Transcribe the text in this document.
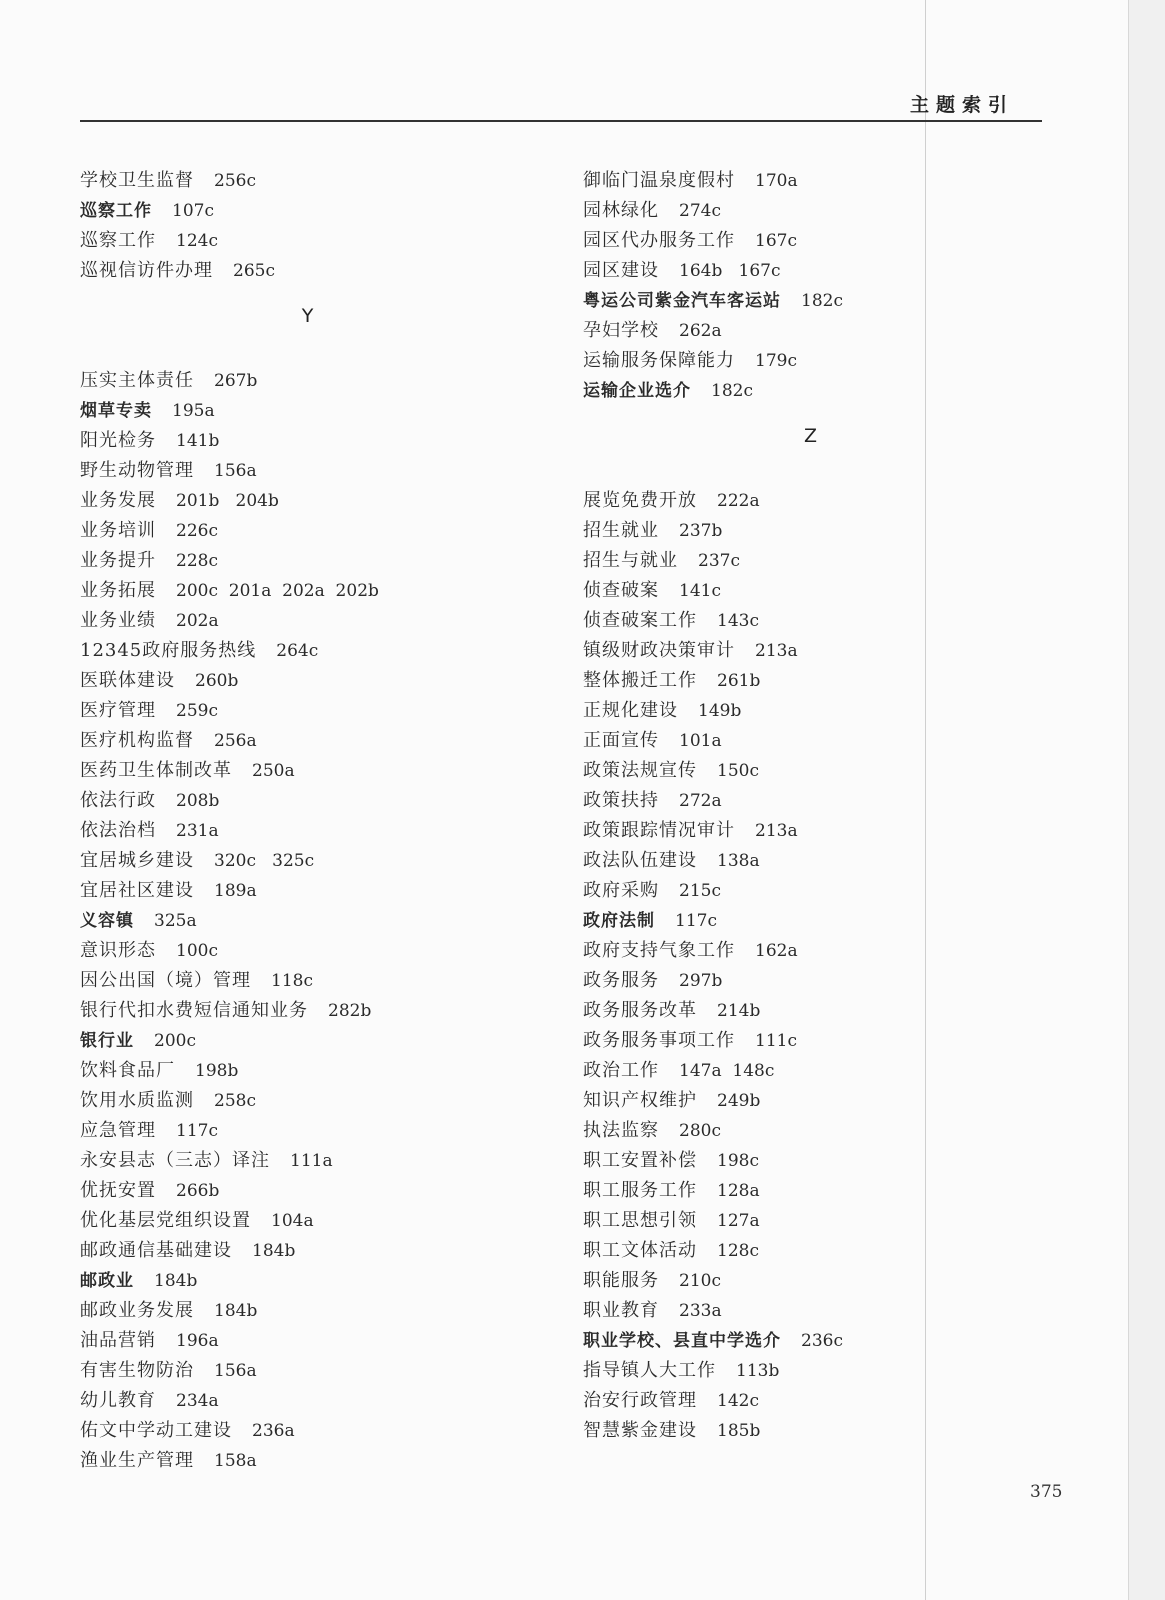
主题索引
学校卫生监督 256c
巡察工作 107c
巡察工作 124c
巡视信访件办理 265c
Y
压实主体责任 267b
烟草专卖 195a
阳光检务 141b
野生动物管理 156a
业务发展 201b   204b
业务培训 226c
业务提升 228c
业务拓展 200c  201a  202a  202b
业务业绩 202a
12345政府服务热线 264c
医联体建设 260b
医疗管理 259c
医疗机构监督 256a
医药卫生体制改革 250a
依法行政 208b
依法治档 231a
宜居城乡建设 320c   325c
宜居社区建设 189a
义容镇 325a
意识形态 100c
因公出国（境）管理 118c
银行代扣水费短信通知业务 282b
银行业 200c
饮料食品厂 198b
饮用水质监测 258c
应急管理 117c
永安县志（三志）译注 111a
优抚安置 266b
优化基层党组织设置 104a
邮政通信基础建设 184b
邮政业 184b
邮政业务发展 184b
油品营销 196a
有害生物防治 156a
幼儿教育 234a
佑文中学动工建设 236a
渔业生产管理 158a
御临门温泉度假村 170a
园林绿化 274c
园区代办服务工作 167c
园区建设 164b   167c
粤运公司紫金汽车客运站 182c
孕妇学校 262a
运输服务保障能力 179c
运输企业选介 182c
Z
展览免费开放 222a
招生就业 237b
招生与就业 237c
侦查破案 141c
侦查破案工作 143c
镇级财政决策审计 213a
整体搬迁工作 261b
正规化建设 149b
正面宣传 101a
政策法规宣传 150c
政策扶持 272a
政策跟踪情况审计 213a
政法队伍建设 138a
政府采购 215c
政府法制 117c
政府支持气象工作 162a
政务服务 297b
政务服务改革 214b
政务服务事项工作 111c
政治工作 147a  148c
知识产权维护 249b
执法监察 280c
职工安置补偿 198c
职工服务工作 128a
职工思想引领 127a
职工文体活动 128c
职能服务 210c
职业教育 233a
职业学校、县直中学选介 236c
指导镇人大工作 113b
治安行政管理 142c
智慧紫金建设 185b
375
